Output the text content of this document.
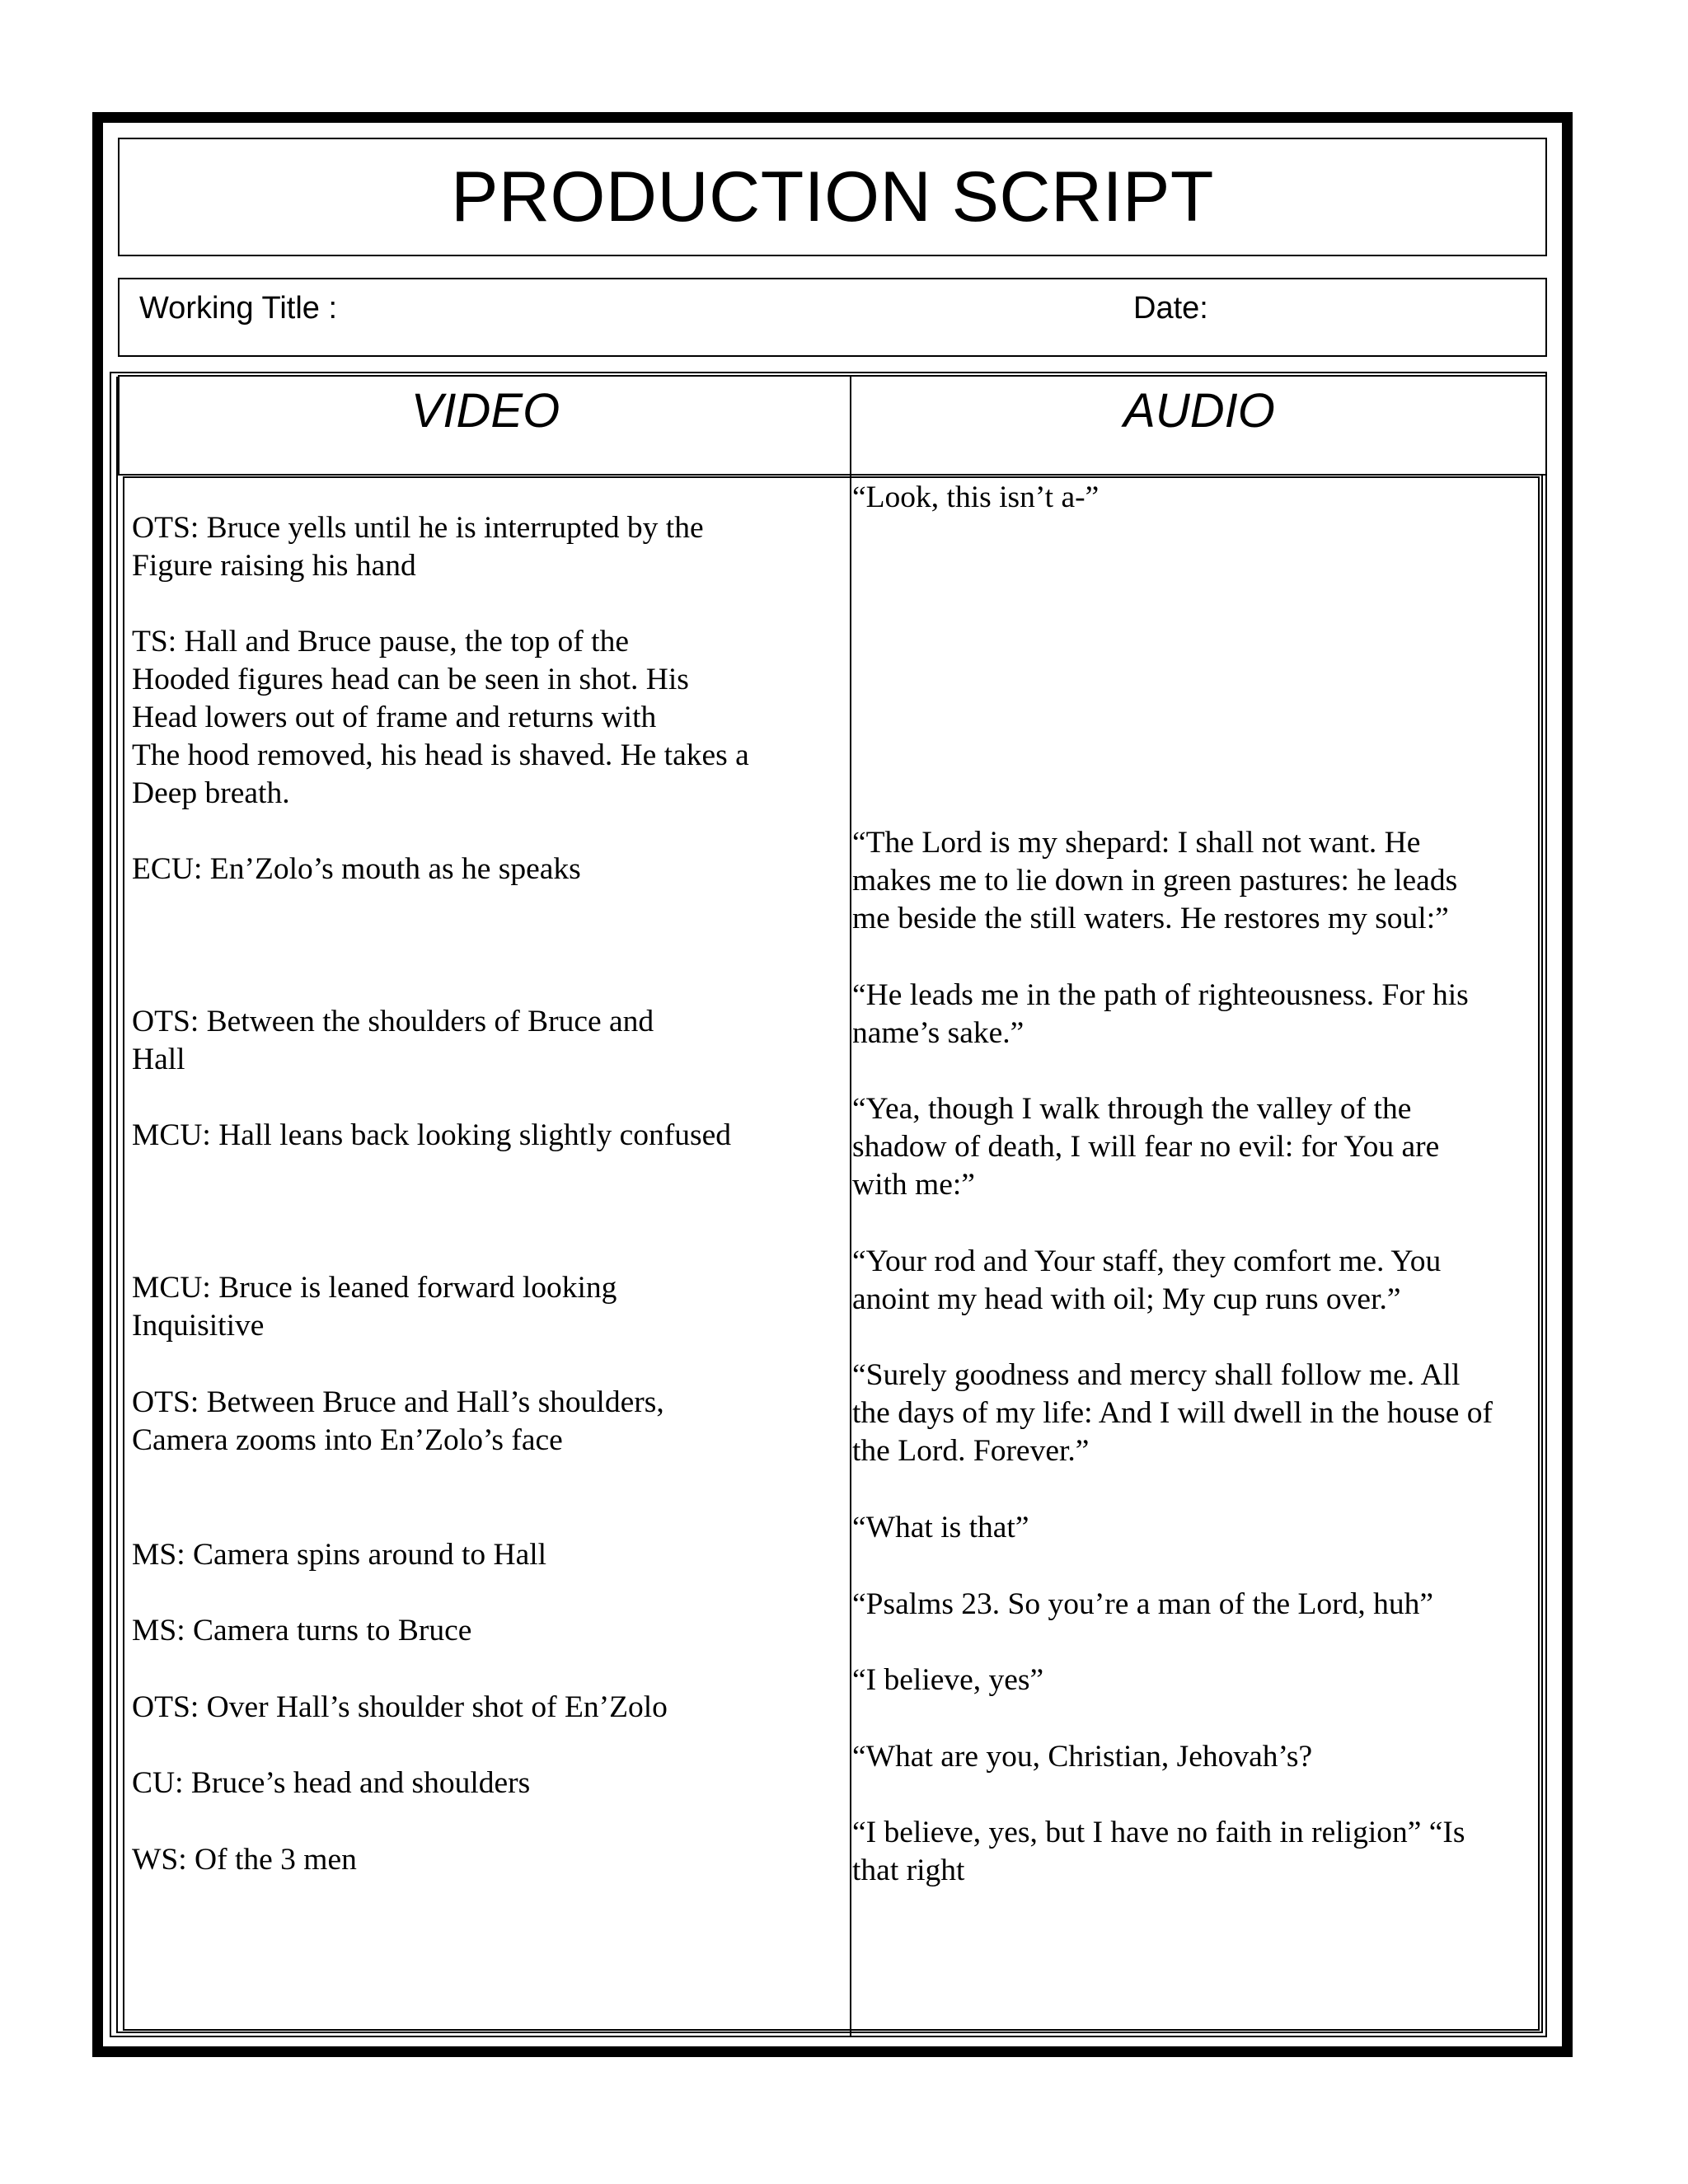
PRODUCTION SCRIPT
Working Title :	Date:
VIDEO	AUDIO
OTS: Bruce yells until he is interrupted by the
Figure raising his hand
TS: Hall and Bruce pause, the top of the
Hooded figures head can be seen in shot. His
Head lowers out of frame and returns with
The hood removed, his head is shaved. He takes a
Deep breath.
ECU: En’Zolo’s mouth as he speaks
OTS: Between the shoulders of Bruce and
Hall
MCU: Hall leans back looking slightly confused
MCU: Bruce is leaned forward looking
Inquisitive
OTS: Between Bruce and Hall’s shoulders,
Camera zooms into En’Zolo’s face
MS: Camera spins around to Hall
MS: Camera turns to Bruce
OTS: Over Hall’s shoulder shot of En’Zolo
CU: Bruce’s head and shoulders
WS: Of the 3 men
“Look, this isn’t a-”
“The Lord is my shepard: I shall not want. He
makes me to lie down in green pastures: he leads
me beside the still waters. He restores my soul:”
“He leads me in the path of righteousness. For his
name’s sake.”
“Yea, though I walk through the valley of the
shadow of death, I will fear no evil: for You are
with me:”
“Your rod and Your staff, they comfort me. You
anoint my head with oil; My cup runs over.”
“Surely goodness and mercy shall follow me. All
the days of my life: And I will dwell in the house of
the Lord. Forever.”
“What is that”
“Psalms 23. So you’re a man of the Lord, huh”
“I believe, yes”
“What are you, Christian, Jehovah’s?
“I believe, yes, but I have no faith in religion” “Is
that right
